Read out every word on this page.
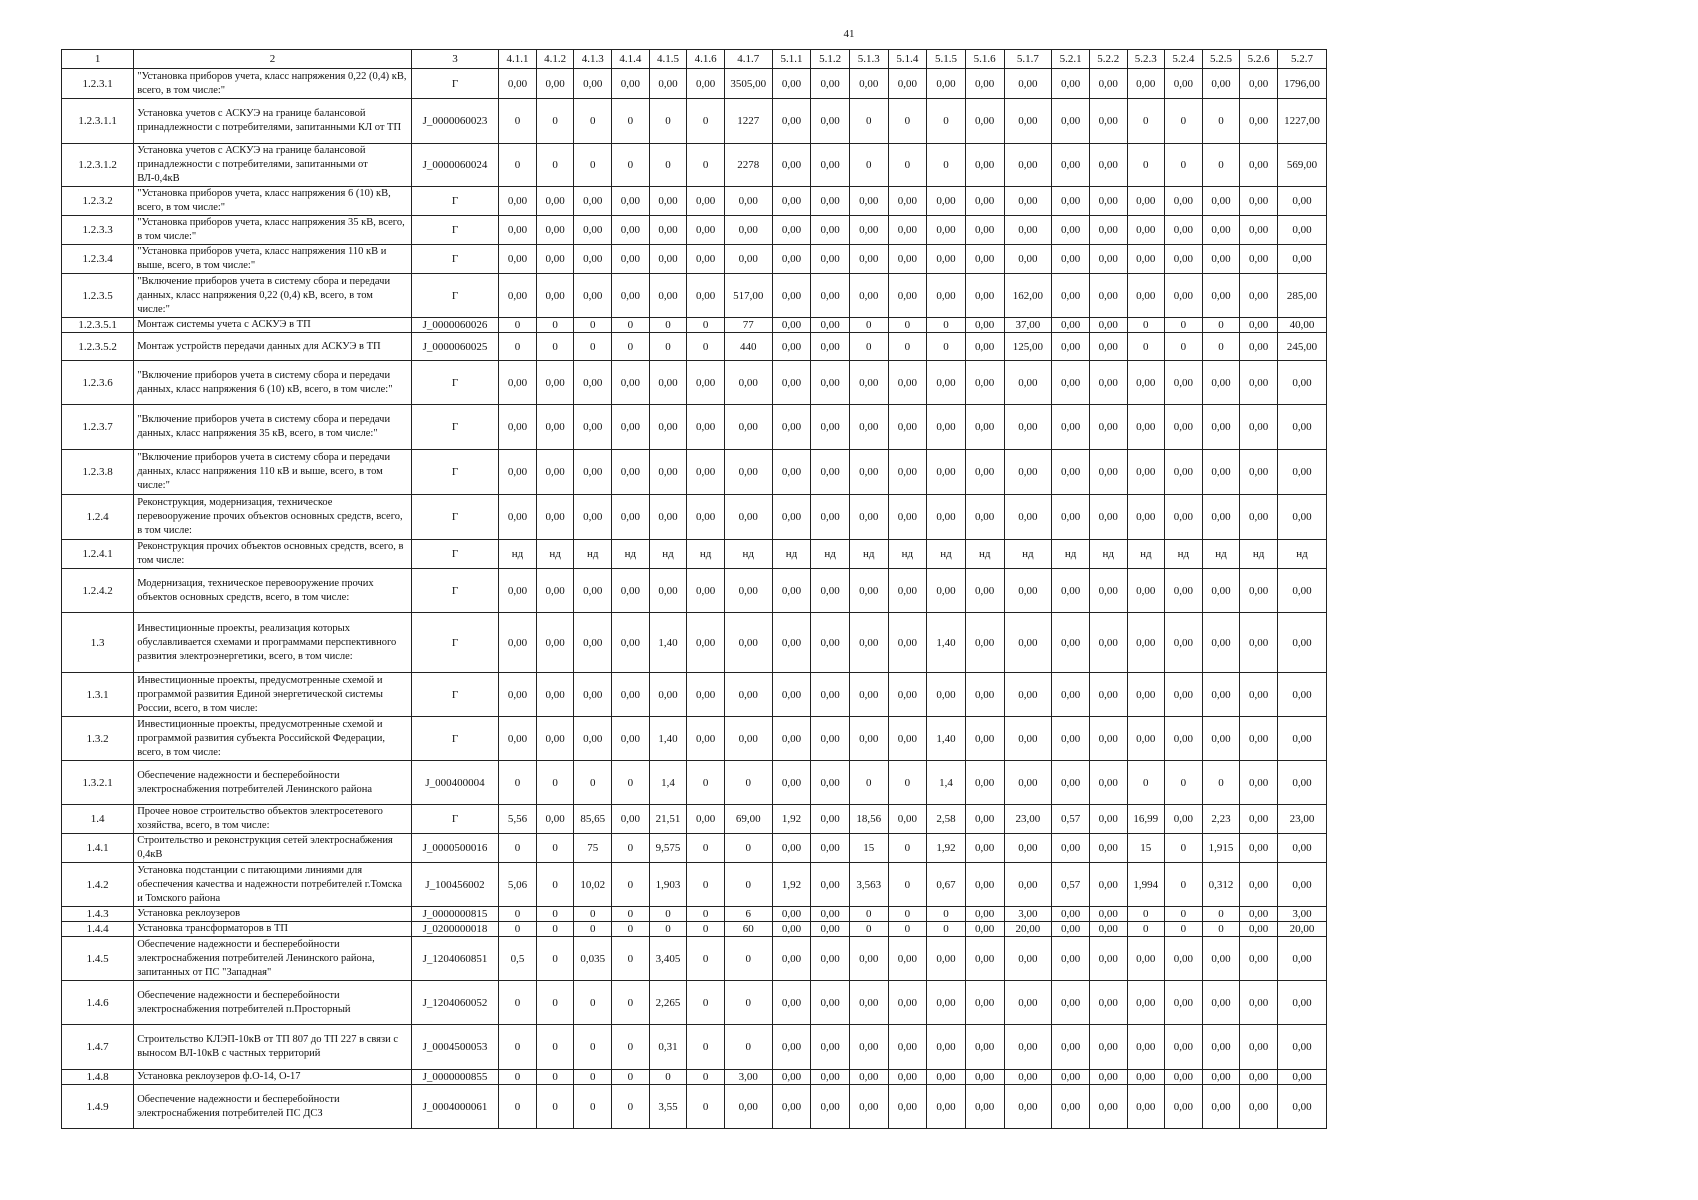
41
1	2	3	4.1.1	4.1.2	4.1.3	4.1.4	4.1.5	4.1.6	4.1.7	5.1.1	5.1.2	5.1.3	5.1.4	5.1.5	5.1.6	5.1.7	5.2.1	5.2.2	5.2.3	5.2.4	5.2.5	5.2.6	5.2.7
1.2.3.1	"Установка приборов учета, класс напряжения 0,22 (0,4) кВ, всего, в том числе:"	Г	0,00	0,00	0,00	0,00	0,00	0,00	3505,00	0,00	0,00	0,00	0,00	0,00	0,00	0,00	0,00	0,00	0,00	0,00	0,00	0,00	1796,00
1.2.3.1.1	Установка учетов с АСКУЭ на границе балансовой принадлежности с потребителями, запитанными КЛ от ТП	J_0000060023	0	0	0	0	0	0	1227	0,00	0,00	0	0	0	0,00	0,00	0,00	0,00	0	0	0	0,00	1227,00
1.2.3.1.2	Установка учетов с АСКУЭ на границе балансовой принадлежности с потребителями, запитанными от ВЛ-0,4кВ	J_0000060024	0	0	0	0	0	0	2278	0,00	0,00	0	0	0	0,00	0,00	0,00	0,00	0	0	0	0,00	569,00
1.2.3.2	"Установка приборов учета, класс напряжения 6 (10) кВ, всего, в том числе:"	Г	0,00	0,00	0,00	0,00	0,00	0,00	0,00	0,00	0,00	0,00	0,00	0,00	0,00	0,00	0,00	0,00	0,00	0,00	0,00	0,00	0,00
1.2.3.3	"Установка приборов учета, класс напряжения 35 кВ, всего, в том числе:"	Г	0,00	0,00	0,00	0,00	0,00	0,00	0,00	0,00	0,00	0,00	0,00	0,00	0,00	0,00	0,00	0,00	0,00	0,00	0,00	0,00	0,00
1.2.3.4	"Установка приборов учета, класс напряжения 110 кВ и выше, всего, в том числе:"	Г	0,00	0,00	0,00	0,00	0,00	0,00	0,00	0,00	0,00	0,00	0,00	0,00	0,00	0,00	0,00	0,00	0,00	0,00	0,00	0,00	0,00
1.2.3.5	"Включение приборов учета в систему сбора и передачи данных, класс напряжения 0,22 (0,4) кВ, всего, в том числе:"	Г	0,00	0,00	0,00	0,00	0,00	0,00	517,00	0,00	0,00	0,00	0,00	0,00	0,00	162,00	0,00	0,00	0,00	0,00	0,00	0,00	285,00
1.2.3.5.1	Монтаж системы учета с АСКУЭ в ТП	J_0000060026	0	0	0	0	0	0	77	0,00	0,00	0	0	0	0,00	37,00	0,00	0,00	0	0	0	0,00	40,00
1.2.3.5.2	Монтаж устройств передачи данных для АСКУЭ в ТП	J_0000060025	0	0	0	0	0	0	440	0,00	0,00	0	0	0	0,00	125,00	0,00	0,00	0	0	0	0,00	245,00
1.2.3.6	"Включение приборов учета в систему сбора и передачи данных, класс напряжения 6 (10) кВ, всего, в том числе:"	Г	0,00	0,00	0,00	0,00	0,00	0,00	0,00	0,00	0,00	0,00	0,00	0,00	0,00	0,00	0,00	0,00	0,00	0,00	0,00	0,00	0,00
1.2.3.7	"Включение приборов учета в систему сбора и передачи данных, класс напряжения 35 кВ, всего, в том числе:"	Г	0,00	0,00	0,00	0,00	0,00	0,00	0,00	0,00	0,00	0,00	0,00	0,00	0,00	0,00	0,00	0,00	0,00	0,00	0,00	0,00	0,00
1.2.3.8	"Включение приборов учета в систему сбора и передачи данных, класс напряжения 110 кВ и выше, всего, в том числе:"	Г	0,00	0,00	0,00	0,00	0,00	0,00	0,00	0,00	0,00	0,00	0,00	0,00	0,00	0,00	0,00	0,00	0,00	0,00	0,00	0,00	0,00
1.2.4	Реконструкция, модернизация, техническое перевооружение прочих объектов основных средств, всего, в том числе:	Г	0,00	0,00	0,00	0,00	0,00	0,00	0,00	0,00	0,00	0,00	0,00	0,00	0,00	0,00	0,00	0,00	0,00	0,00	0,00	0,00	0,00
1.2.4.1	Реконструкция прочих объектов основных средств, всего, в том числе:	Г	нд	нд	нд	нд	нд	нд	нд	нд	нд	нд	нд	нд	нд	нд	нд	нд	нд	нд	нд	нд	нд
1.2.4.2	Модернизация, техническое перевооружение прочих объектов основных средств, всего, в том числе:	Г	0,00	0,00	0,00	0,00	0,00	0,00	0,00	0,00	0,00	0,00	0,00	0,00	0,00	0,00	0,00	0,00	0,00	0,00	0,00	0,00	0,00
1.3	Инвестиционные проекты, реализация которых обуславливается схемами и программами перспективного развития электроэнергетики, всего, в том числе:	Г	0,00	0,00	0,00	0,00	1,40	0,00	0,00	0,00	0,00	0,00	0,00	1,40	0,00	0,00	0,00	0,00	0,00	0,00	0,00	0,00	0,00
1.3.1	Инвестиционные проекты, предусмотренные схемой и программой развития Единой энергетической системы России, всего, в том числе:	Г	0,00	0,00	0,00	0,00	0,00	0,00	0,00	0,00	0,00	0,00	0,00	0,00	0,00	0,00	0,00	0,00	0,00	0,00	0,00	0,00	0,00
1.3.2	Инвестиционные проекты, предусмотренные схемой и программой развития субъекта Российской Федерации, всего, в том числе:	Г	0,00	0,00	0,00	0,00	1,40	0,00	0,00	0,00	0,00	0,00	0,00	1,40	0,00	0,00	0,00	0,00	0,00	0,00	0,00	0,00	0,00
1.3.2.1	Обеспечение надежности и бесперебойности электроснабжения потребителей Ленинского района	J_000400004	0	0	0	0	1,4	0	0	0,00	0,00	0	0	1,4	0,00	0,00	0,00	0,00	0	0	0	0,00	0,00
1.4	Прочее новое строительство объектов электросетевого хозяйства, всего, в том числе:	Г	5,56	0,00	85,65	0,00	21,51	0,00	69,00	1,92	0,00	18,56	0,00	2,58	0,00	23,00	0,57	0,00	16,99	0,00	2,23	0,00	23,00
1.4.1	Строительство и реконструкция сетей электроснабжения 0,4кВ	J_0000500016	0	0	75	0	9,575	0	0	0,00	0,00	15	0	1,92	0,00	0,00	0,00	0,00	15	0	1,915	0,00	0,00
1.4.2	Установка подстанции с питающими линиями для обеспечения качества и надежности потребителей г.Томска и Томского района	J_100456002	5,06	0	10,02	0	1,903	0	0	1,92	0,00	3,563	0	0,67	0,00	0,00	0,57	0,00	1,994	0	0,312	0,00	0,00
1.4.3	Установка реклоузеров	J_0000000815	0	0	0	0	0	0	6	0,00	0,00	0	0	0	0,00	3,00	0,00	0,00	0	0	0	0,00	3,00
1.4.4	Установка трансформаторов в ТП	J_0200000018	0	0	0	0	0	0	60	0,00	0,00	0	0	0	0,00	20,00	0,00	0,00	0	0	0	0,00	20,00
1.4.5	Обеспечение надежности и бесперебойности электроснабжения потребителей Ленинского района, запитанных от ПС "Западная"	J_1204060851	0,5	0	0,035	0	3,405	0	0	0,00	0,00	0,00	0,00	0,00	0,00	0,00	0,00	0,00	0,00	0,00	0,00	0,00	0,00
1.4.6	Обеспечение надежности и бесперебойности электроснабжения потребителей п.Просторный	J_1204060052	0	0	0	0	2,265	0	0	0,00	0,00	0,00	0,00	0,00	0,00	0,00	0,00	0,00	0,00	0,00	0,00	0,00	0,00
1.4.7	Строительство КЛЭП-10кВ от ТП 807 до ТП 227 в связи с выносом ВЛ-10кВ с частных территорий	J_0004500053	0	0	0	0	0,31	0	0	0,00	0,00	0,00	0,00	0,00	0,00	0,00	0,00	0,00	0,00	0,00	0,00	0,00	0,00
1.4.8	Установка реклоузеров ф.О-14, О-17	J_0000000855	0	0	0	0	0	0	3,00	0,00	0,00	0,00	0,00	0,00	0,00	0,00	0,00	0,00	0,00	0,00	0,00	0,00	0,00
1.4.9	Обеспечение надежности и бесперебойности электроснабжения потребителей ПС ДСЗ	J_0004000061	0	0	0	0	3,55	0	0,00	0,00	0,00	0,00	0,00	0,00	0,00	0,00	0,00	0,00	0,00	0,00	0,00	0,00	0,00
